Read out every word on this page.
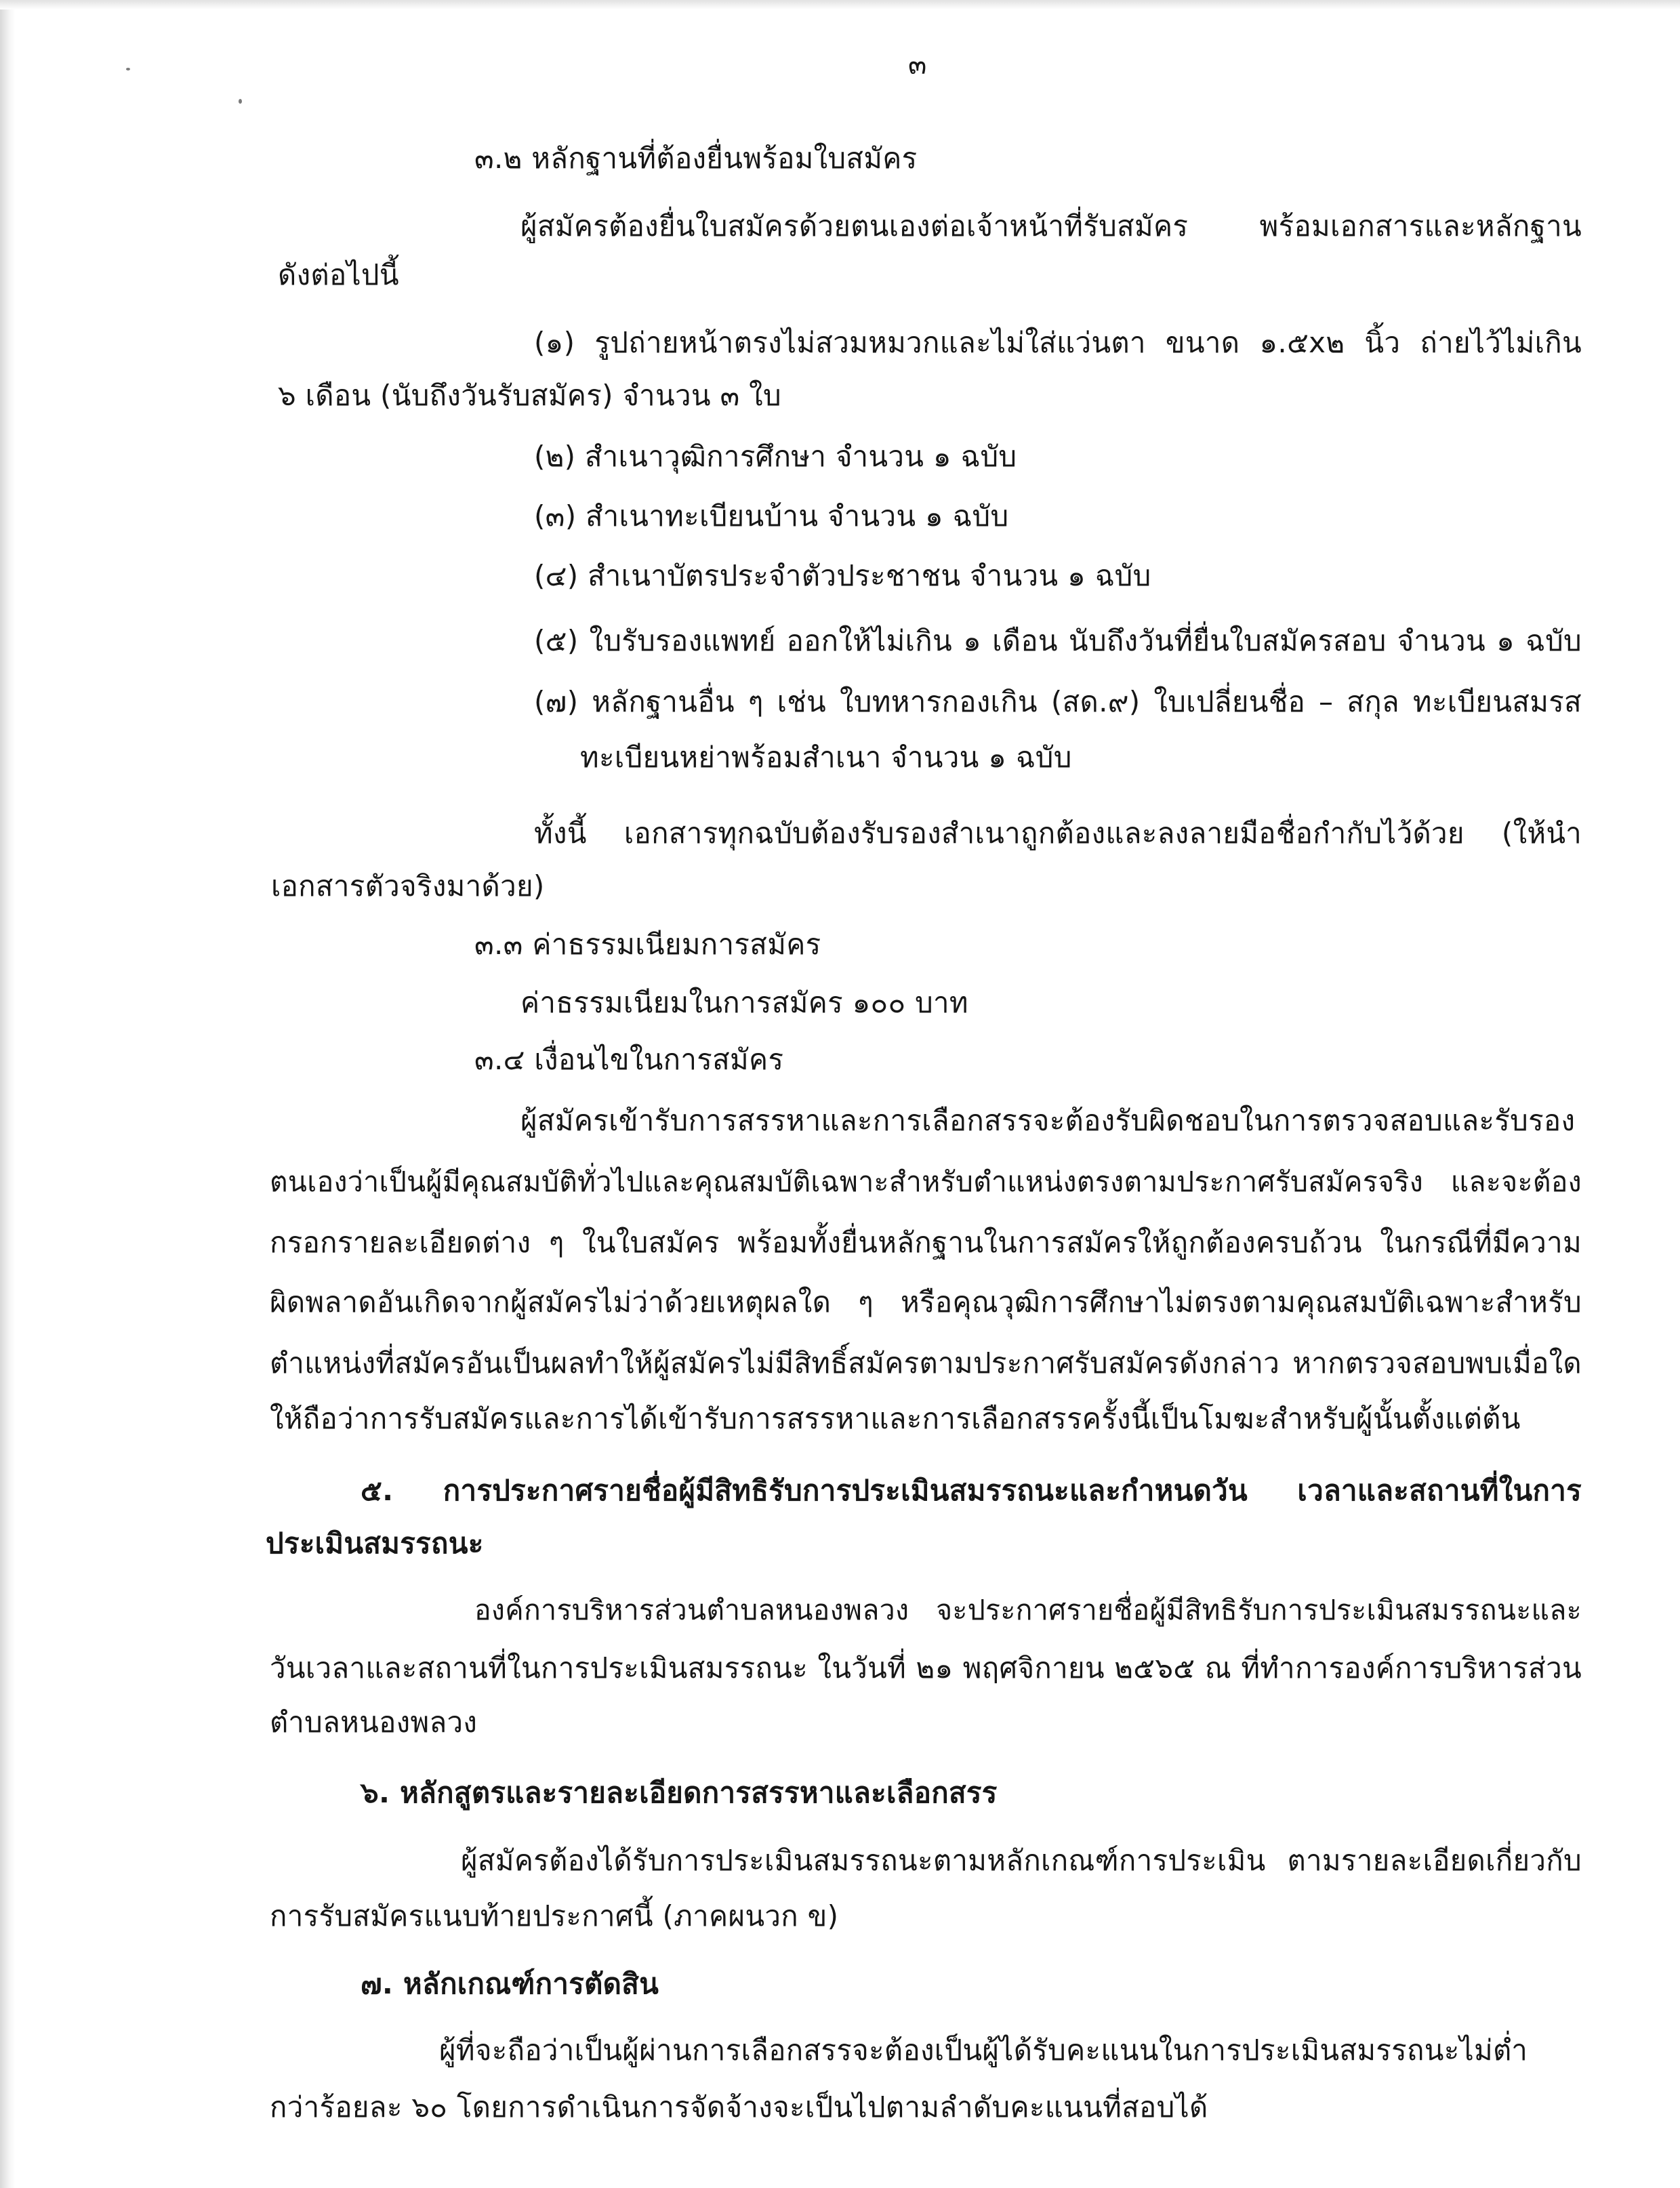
๓

๓.๒ หลักฐานที่ต้องยื่นพร้อมใบสมัคร

ผู้สมัครต้องยื่นใบสมัครด้วยตนเองต่อเจ้าหน้าที่รับสมัคร พร้อมเอกสารและหลักฐาน

ดังต่อไปนี้

(๑) รูปถ่ายหน้าตรงไม่สวมหมวกและไม่ใส่แว่นตา ขนาด ๑.๕x๒ นิ้ว ถ่ายไว้ไม่เกิน

๖ เดือน (นับถึงวันรับสมัคร) จำนวน ๓ ใบ

(๒) สำเนาวุฒิการศึกษา จำนวน ๑ ฉบับ

(๓) สำเนาทะเบียนบ้าน จำนวน ๑ ฉบับ

(๔) สำเนาบัตรประจำตัวประชาชน จำนวน ๑ ฉบับ

(๕) ใบรับรองแพทย์ ออกให้ไม่เกิน ๑ เดือน นับถึงวันที่ยื่นใบสมัครสอบ จำนวน ๑ ฉบับ

(๗) หลักฐานอื่น ๆ เช่น ใบทหารกองเกิน (สด.๙) ใบเปลี่ยนชื่อ – สกุล ทะเบียนสมรส

ทะเบียนหย่าพร้อมสำเนา จำนวน ๑ ฉบับ

ทั้งนี้ เอกสารทุกฉบับต้องรับรองสำเนาถูกต้องและลงลายมือชื่อกำกับไว้ด้วย (ให้นำ

เอกสารตัวจริงมาด้วย)

๓.๓ ค่าธรรมเนียมการสมัคร

ค่าธรรมเนียมในการสมัคร ๑๐๐ บาท

๓.๔ เงื่อนไขในการสมัคร

ผู้สมัครเข้ารับการสรรหาและการเลือกสรรจะต้องรับผิดชอบในการตรวจสอบและรับรอง

ตนเองว่าเป็นผู้มีคุณสมบัติทั่วไปและคุณสมบัติเฉพาะสำหรับตำแหน่งตรงตามประกาศรับสมัครจริง และจะต้อง

กรอกรายละเอียดต่าง ๆ ในใบสมัคร พร้อมทั้งยื่นหลักฐานในการสมัครให้ถูกต้องครบถ้วน ในกรณีที่มีความ

ผิดพลาดอันเกิดจากผู้สมัครไม่ว่าด้วยเหตุผลใด ๆ หรือคุณวุฒิการศึกษาไม่ตรงตามคุณสมบัติเฉพาะสำหรับ

ตำแหน่งที่สมัครอันเป็นผลทำให้ผู้สมัครไม่มีสิทธิ์สมัครตามประกาศรับสมัครดังกล่าว หากตรวจสอบพบเมื่อใด

ให้ถือว่าการรับสมัครและการได้เข้ารับการสรรหาและการเลือกสรรครั้งนี้เป็นโมฆะสำหรับผู้นั้นตั้งแต่ต้น

๕. การประกาศรายชื่อผู้มีสิทธิรับการประเมินสมรรถนะและกำหนดวัน เวลาและสถานที่ในการ

ประเมินสมรรถนะ

องค์การบริหารส่วนตำบลหนองพลวง จะประกาศรายชื่อผู้มีสิทธิรับการประเมินสมรรถนะและ

วันเวลาและสถานที่ในการประเมินสมรรถนะ ในวันที่ ๒๑ พฤศจิกายน ๒๕๖๕ ณ ที่ทำการองค์การบริหารส่วน

ตำบลหนองพลวง

๖. หลักสูตรและรายละเอียดการสรรหาและเลือกสรร

ผู้สมัครต้องได้รับการประเมินสมรรถนะตามหลักเกณฑ์การประเมิน ตามรายละเอียดเกี่ยวกับ

การรับสมัครแนบท้ายประกาศนี้ (ภาคผนวก ข)

๗. หลักเกณฑ์การตัดสิน

ผู้ที่จะถือว่าเป็นผู้ผ่านการเลือกสรรจะต้องเป็นผู้ได้รับคะแนนในการประเมินสมรรถนะไม่ต่ำ

กว่าร้อยละ ๖๐ โดยการดำเนินการจัดจ้างจะเป็นไปตามลำดับคะแนนที่สอบได้
